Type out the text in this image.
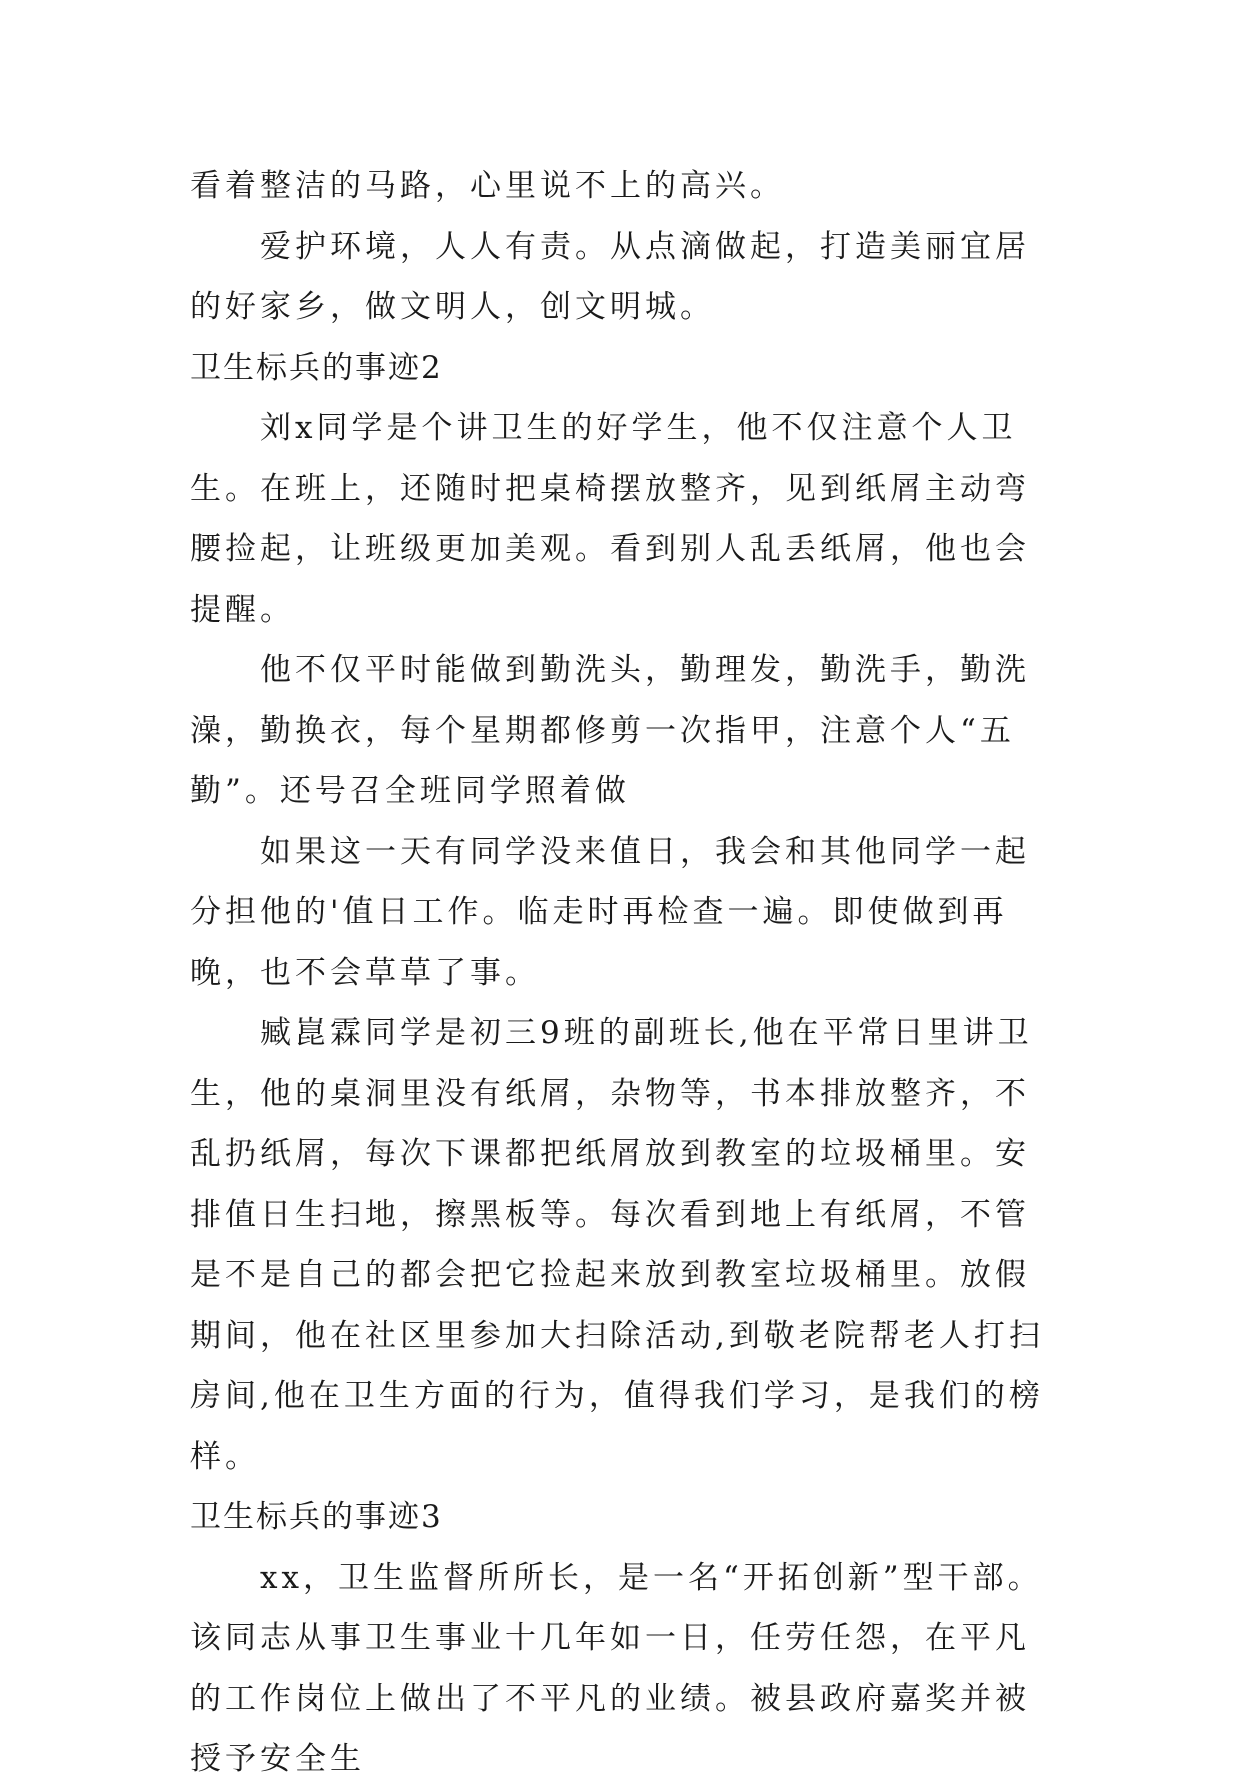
看着整洁的马路，心里说不上的高兴。

爱护环境，人人有责。从点滴做起，打造美丽宜居的好家乡，做文明人，创文明城。

卫生标兵的事迹2

刘x同学是个讲卫生的好学生，他不仅注意个人卫生。在班上，还随时把桌椅摆放整齐，见到纸屑主动弯腰捡起，让班级更加美观。看到别人乱丢纸屑，他也会提醒。

他不仅平时能做到勤洗头，勤理发，勤洗手，勤洗澡，勤换衣，每个星期都修剪一次指甲，注意个人“五勤”。还号召全班同学照着做

如果这一天有同学没来值日，我会和其他同学一起分担他的'值日工作。临走时再检查一遍。即使做到再晚，也不会草草了事。

臧崑霖同学是初三9班的副班长,他在平常日里讲卫生，他的桌洞里没有纸屑，杂物等，书本排放整齐，不乱扔纸屑，每次下课都把纸屑放到教室的垃圾桶里。安排值日生扫地，擦黑板等。每次看到地上有纸屑，不管是不是自己的都会把它捡起来放到教室垃圾桶里。放假期间，他在社区里参加大扫除活动,到敬老院帮老人打扫房间,他在卫生方面的行为，值得我们学习，是我们的榜样。

卫生标兵的事迹3

xx，卫生监督所所长，是一名“开拓创新”型干部。该同志从事卫生事业十几年如一日，任劳任怨，在平凡的工作岗位上做出了不平凡的业绩。被县政府嘉奖并被授予安全生
